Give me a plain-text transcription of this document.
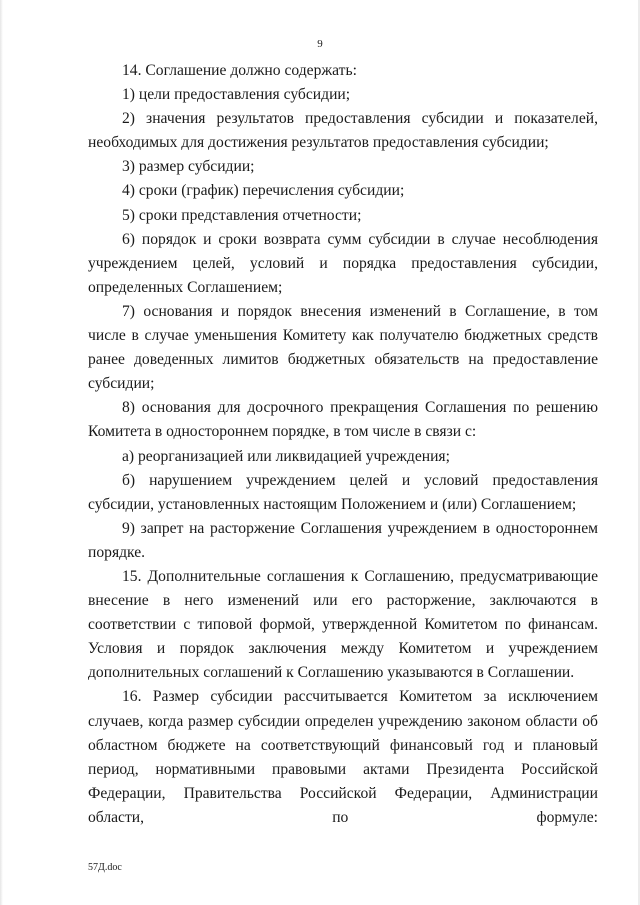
9

14. Соглашение должно содержать:

1) цели предоставления субсидии;

2) значения результатов предоставления субсидии и показателей, необходимых для достижения результатов предоставления субсидии;

3) размер субсидии;

4) сроки (график) перечисления субсидии;

5) сроки представления отчетности;

6) порядок и сроки возврата сумм субсидии в случае несоблюдения учреждением целей, условий и порядка предоставления субсидии, определенных Соглашением;

7) основания и порядок внесения изменений в Соглашение, в том числе в случае уменьшения Комитету как получателю бюджетных средств ранее доведенных лимитов бюджетных обязательств на предоставление субсидии;

8) основания для досрочного прекращения Соглашения по решению Комитета в одностороннем порядке, в том числе в связи с:

а) реорганизацией или ликвидацией учреждения;

б) нарушением учреждением целей и условий предоставления субсидии, установленных настоящим Положением и (или) Соглашением;

9) запрет на расторжение Соглашения учреждением в одностороннем порядке.

15. Дополнительные соглашения к Соглашению, предусматривающие внесение в него изменений или его расторжение, заключаются в соответствии с типовой формой, утвержденной Комитетом по финансам. Условия и порядок заключения между Комитетом и учреждением дополнительных соглашений к Соглашению указываются в Соглашении.

16. Размер субсидии рассчитывается Комитетом за исключением случаев, когда размер субсидии определен учреждению законом области об областном бюджете на соответствующий финансовый год и плановый период, нормативными правовыми актами Президента Российской Федерации, Правительства Российской Федерации, Администрации области, по формуле:

57Д.doc
